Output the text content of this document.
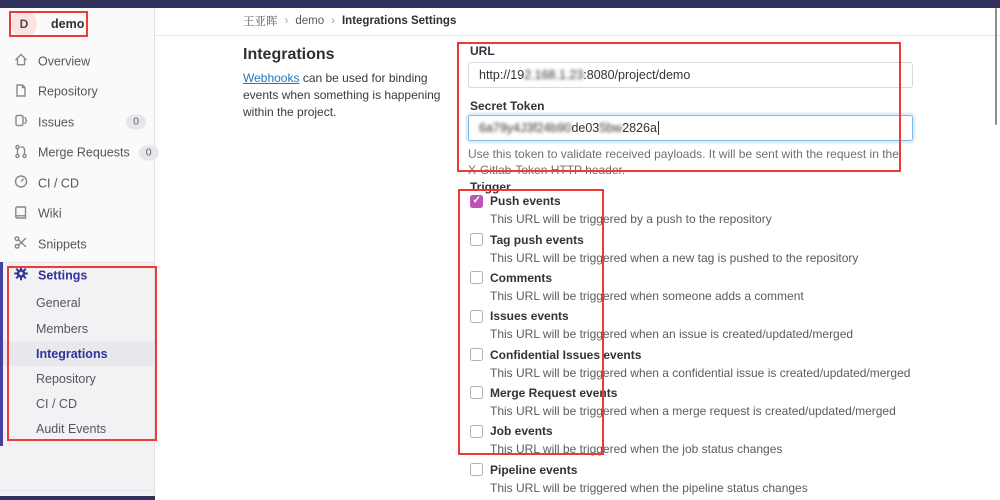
D	demo
Overview
Repository
Issues	0
Merge Requests	0
CI / CD
Wiki
Snippets
Settings
General
Members
Integrations
Repository
CI / CD
Audit Events
王亚晖 › demo › Integrations Settings
Integrations

Webhooks can be used for binding events when something is happening within the project.

URL
http://19 2.168.1.23 :8080/project/demo
Secret Token
6a79y4J3f24b90 de03 5bw 2826a
Use this token to validate received payloads. It will be sent with the request in the X-Gitlab-Token HTTP header.
Trigger
✓
Push events
This URL will be triggered by a push to the repository
Tag push events
This URL will be triggered when a new tag is pushed to the repository
Comments
This URL will be triggered when someone adds a comment
Issues events
This URL will be triggered when an issue is created/updated/merged
Confidential Issues events
This URL will be triggered when a confidential issue is created/updated/merged
Merge Request events
This URL will be triggered when a merge request is created/updated/merged
Job events
This URL will be triggered when the job status changes
Pipeline events
This URL will be triggered when the pipeline status changes
